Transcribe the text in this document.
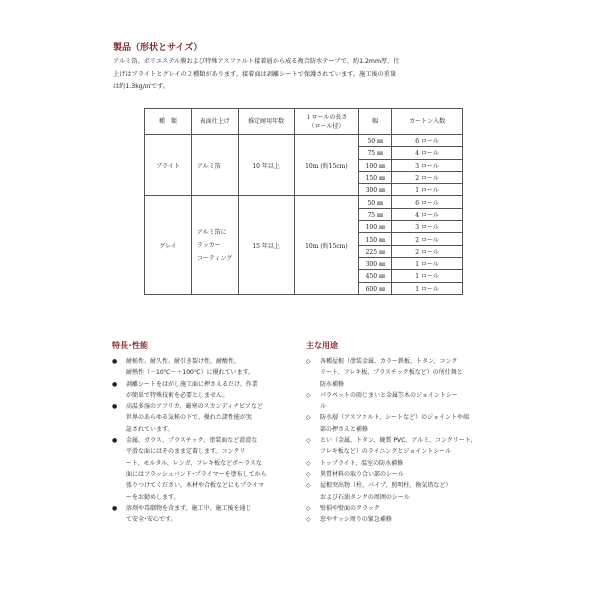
製品（形状とサイズ）
アルミ箔、ポリエステル膜および特殊アスファルト接着層から成る複合防水テープで、約1.2mm厚、仕
上げはブライトとグレイの２種類があります。接着面は剥離シートで保護されています。施工後の重量
は約1.3kg/㎡です。
種　類	表面仕上げ	推定耐用年数	１ロールの長さ
（ロール径）	幅	カートン入数
ブライト	アルミ箔	10 年以上	10m (約15cm)	50 ㎜	6 ロール
				75 ㎜	4 ロール
				100 ㎜	3 ロール
				150 ㎜	2 ロール
				300 ㎜	1 ロール
グレイ	アルミ箔に
ラッカー
コーティング	15 年以上	10m (約15cm)	50 ㎜	6 ロール
				75 ㎜	4 ロール
				100 ㎜	3 ロール
				150 ㎜	2 ロール
				225 ㎜	2 ロール
				300 ㎜	1 ロール
				450 ㎜	1 ロール
				600 ㎜	1 ロール
特長･性能
●	耐候性、耐久性、耐引き裂け性、耐酸性、
耐熱性（－10℃～＋100℃）に優れています。
●	剥離シートをはがし施工面に押さえるだけ、作業
が簡単で特殊技術を必要としません。
●	高温多湿のアフリカ、厳寒のスカンディナビアなど
世界のあらゆる気候の下で、優れた諸性能が実
証されています。
●	金属、ガラス、プラスチック、塗装面など滑滑な
平滑な面にはそのまま定着します。コンクリ
ート、モルタル、レンガ、フレキ板などポーラスな
面にはフラッシュバンド･プライマーを塗布してから
張りつけてください。木材や合板などにもプライマ
ーをお勧めします。
●	溶剤や毒劇物を含まず、施工中、施工後を通じ
て安全･安心です。
主な用途
◇	各種屋根（塗装金属、カラー鉄板、トタン、コンク
リート、フレキ板、プラスチック板など）の所仕舞と
防水補修
◇	パラペットの雨じまいと金属笠木のジョイントシー
ル
◇	防水層（アスファルト、シートなど）のジョイントや端
部の押さえと補修
◇	とい（金属、トタン、硬質 PVC、アルミ、コンクリート、
フレキ板など）のライニングとジョイントシール
◇	トップライト、温室の防水補修
◇	異質材料の取り合い部のシール
◇	屋根突出物（柱、パイプ、照明柱、換気塔など）
および石油タンクの周囲のシール
◇	壁損や壁面のクラック
◇	窓やサッシ周りの緊急補修
